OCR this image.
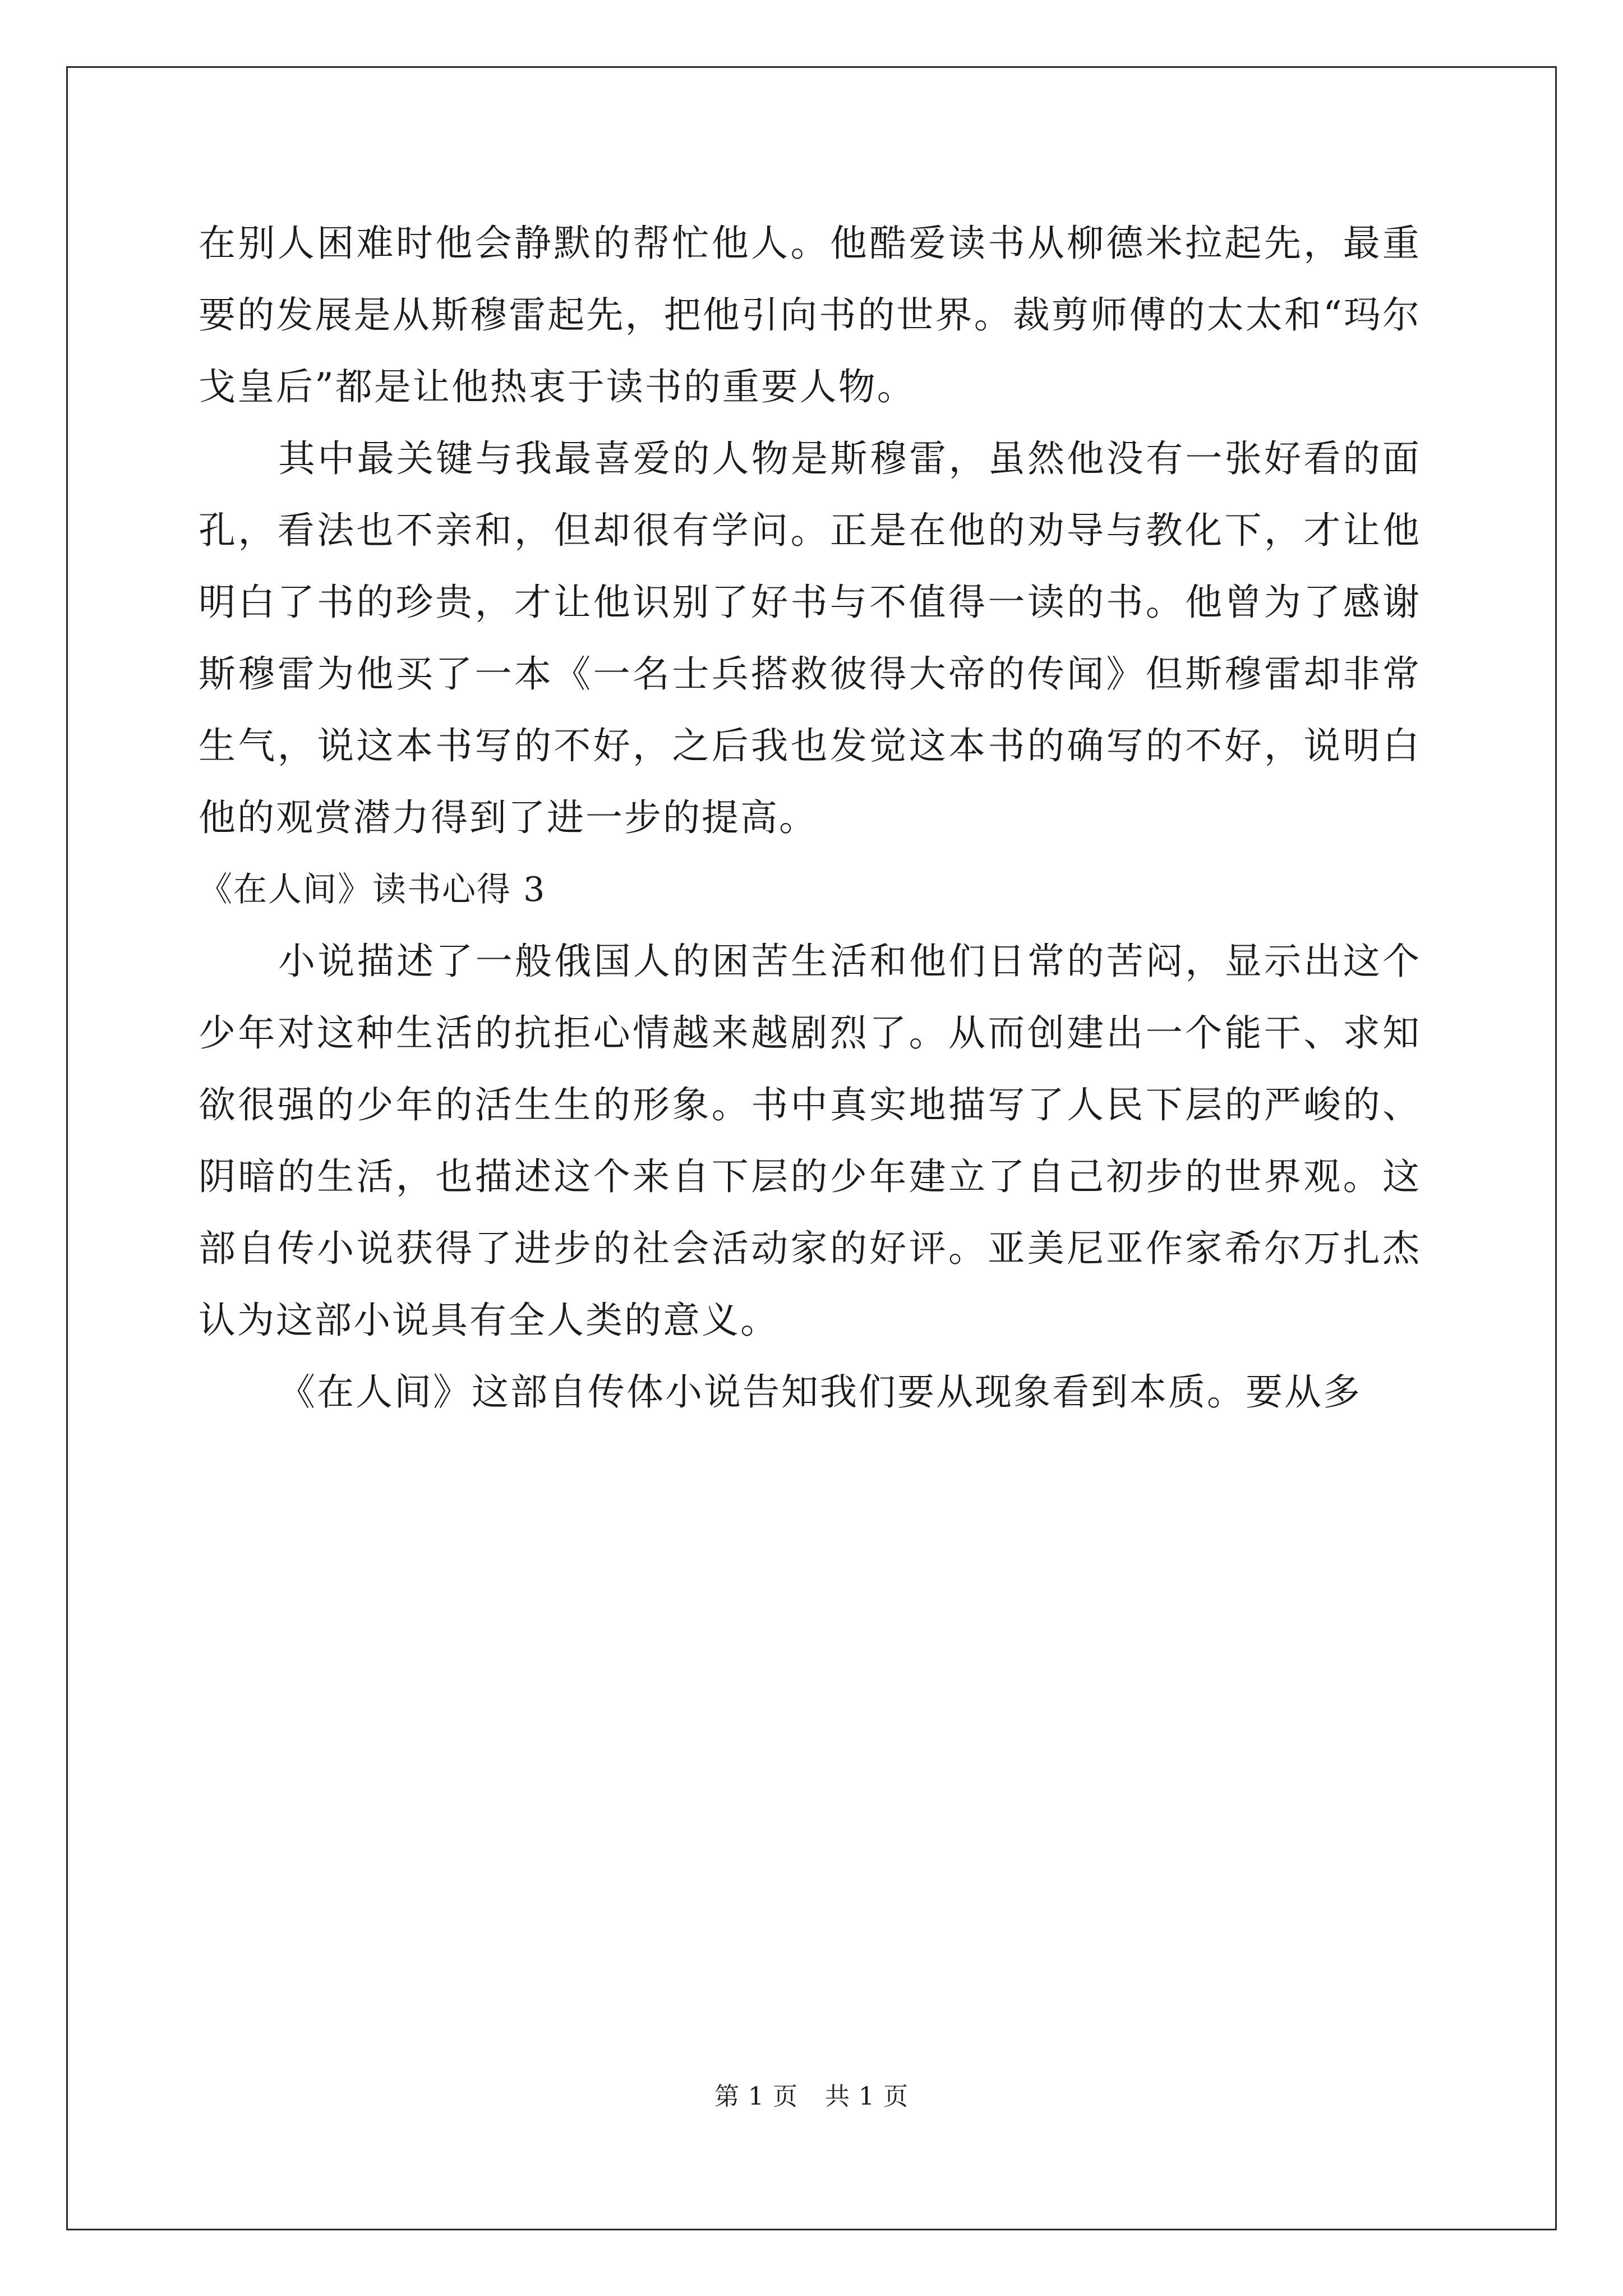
在别人困难时他会静默的帮忙他人。他酷爱读书从柳德米拉起先，最重要的发展是从斯穆雷起先，把他引向书的世界。裁剪师傅的太太和“玛尔戈皇后”都是让他热衷于读书的重要人物。

其中最关键与我最喜爱的人物是斯穆雷，虽然他没有一张好看的面孔，看法也不亲和，但却很有学问。正是在他的劝导与教化下，才让他明白了书的珍贵，才让他识别了好书与不值得一读的书。他曾为了感谢斯穆雷为他买了一本《一名士兵搭救彼得大帝的传闻》但斯穆雷却非常生气，说这本书写的不好，之后我也发觉这本书的确写的不好，说明白他的观赏潜力得到了进一步的提高。

《在人间》读书心得 3

小说描述了一般俄国人的困苦生活和他们日常的苦闷，显示出这个少年对这种生活的抗拒心情越来越剧烈了。从而创建出一个能干、求知欲很强的少年的活生生的形象。书中真实地描写了人民下层的严峻的、阴暗的生活，也描述这个来自下层的少年建立了自己初步的世界观。这部自传小说获得了进步的社会活动家的好评。亚美尼亚作家希尔万扎杰认为这部小说具有全人类的意义。

《在人间》这部自传体小说告知我们要从现象看到本质。要从多

第 1 页 共 1 页
